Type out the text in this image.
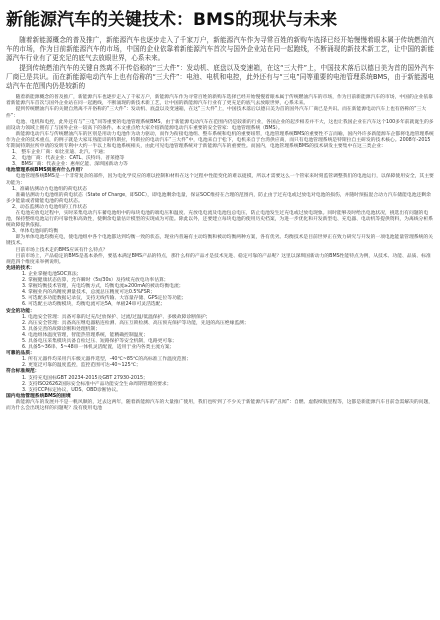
新能源汽车的关键技术：BMS的现状与未来

随着新能源概念的普及推广，新能源汽车也逐步走入了千家万户，新能源汽车作为寻常百姓的新购车选择已经开始慢慢着眼本属于传统燃油汽车的市场，作为目前新能源汽车的市场，中国的企业依靠着新能源汽车首次与国外企业站在同一起跑线，不断涌现的新技术新工艺，让中国的新能源汽车行业有了更充足的底气去放眼世界，心系未来。

提到传统燃油汽车的关键自然离不开传俗称的“三大件”：发动机、底盘以及变速箱，在这“三大件”上，中国技术落后以德日美为首的国外汽车厂商已是共识。而在新能源电动汽车上也有俗称的“三大件”：电池、电机和电控，此外还有与“三电”同等重要的电池管理系统BMS，由于新能源电动汽车在范围内仍是较新的

随着新能源概念的普及推广，新能源汽车也逐步走入了千家万户，新能源汽车作为寻常百姓的新购车选择已经开始慢慢着眼本属于传统燃油汽车的市场，作为目前新能源汽车的市场，中国的企业依靠着新能源汽车首次与国外企业站在同一起跑线，不断涌现的新技术新工艺，让中国的新能源汽车行业有了更充足的底气去放眼世界，心系未来。

提到传统燃油汽车的关键自然离不开俗称的“三大件”：发动机、底盘以及变速箱，在这“三大件”上，中国技术落后以德日美为首的国外汽车厂商已是共识。而在新能源电动汽车上也有俗称的“三大件”：

电池、电机和电控，此外还有与“三电”同等重要的电池管理系统BMS，由于新能源电动汽车在范围内仍是较新的行业，各国企业的起步相差并不大，这也让我国企业在汽车这个100多年前就诞生的多面设动力领域上拥有了与国外企业一较高下的条件。本文重点给大家介绍新能源电动汽车重要的安全管家：电池管理系统（BMS）。

新能源电动汽车与传统燃油汽车的区别是用动力电池作为动力驱动，而作为衔接电池组、整车系统和电机的重要纽带，电池管理系统BMS的重要性不言而喻，国内外许多新能源车企都将电池管理系统作为企业的技术重点，的例子就是大家耳熟能详的特斯拉，特斯拉的电动汽车“三大件”中，电池来自于松下，电机来自于台湾供应商，而只有电池管理系统是特斯拉自主研发的技术核心。2008年-2015年期间特斯拉所申请的发明专利中大约一半以上和电池系统相关，由此可见电池管理系统对于新能源汽车的重要性。而国内，电池管理系统BMS的技术研发主要集中在这三类企业：

1、 整车企业厂商：如比亚迪、北汽、宇通；

2、 电池厂商：代表企业：CATL、沃特玛、普莱德等

3、 BMS厂商：代表企业：惠州亿能、深圳国新动力等

电池管理系统BMS到底有什么作用？

电池管理系统BMS是一个非常复杂的部件，因为电化学反应的难以控制和材料在这个过程中性能变化的难以捉摸，所以才需要这么一个管家来时刻监管调整我们的电池运行，以保障使用安全，其主要功能为：

1、准确估测动力电池组的荷电状态

准确估测动力电池组的荷电状态（State of Charge，即SOC），即电池剩余电量，保证SOC维持在合理的范围内，防止由于过充电或过放电对电池的损伤，并随时预报混合动力汽车储能电池还剩余多少能量或者储能电池的荷电状态。

2、动态监测动力电池组的工作状态

在电池充放电过程中，实时采集电动汽车蓄电池组中的每块电池的端电压和温度、充放电电流及电池包总电压，防止电池发生过充电或过放电现象。同时能够及时给出电池状况，挑选出有问题的电池，保持整组电池运行的可靠性和高效性，使剩余电量估计模型的实现成为可能。除此以外，还要建立每块电池的使用历史档案，为进一步优化和开发新型电、充电器、电动机等提供资料，为离线分析系统故障提供依据。

3、单体电池间的均衡

即为单体电池均衡充电，使电池组中各个电池都达到均衡一致的状态，现业内普遍有主动均衡和被动均衡两种方案，各有优劣。均衡技术是目前世界正在致力研究与开发的一项电池能量管理系统的关键技术。

目前市场上技术走的BMS应该有什么特点？

目前市场上，产品稳定的BMS是基本条件，要基本满足BMS产品的特点，那什么样的产品才是技术先进、稳定可靠的产品呢？这里以深圳国新动力的BMS性能特点为例，从技术、功能、品质、标准规范四个维度来举例说明。

先进的技术：

1. 企业掌握电池SOC算法；

2. 掌握健康状态估算，允许瞬时（5s/30s）及持续充放电功率估算；

3. 掌握均衡技术管理，充电均衡方式，均衡电流≥200mA的被动均衡电流；

4. 掌握业内的高精度测量技术，总流总压精度可达0.5%FSR；

5. 可选配多功能数据记录仪，支持无线传输、大容量存储、GPS定位等功能；

6. 可选配主动均衡模块，均衡电流可达5A，单板24串可灵活选配；

安全的功能：

1. 电池安全管理：具备可靠的过充/过放保护、过流/过温/低温保护、多级故障诊断保护；

2. 高压安全管理：具备高压继电器粘连检测、高压互锁检测、高压预充保护等功能，先进的高压绝缘监测；

3. 具备完善的故障诊断和处理机制；

4. 电池组体温度管理，智能热管理系统，能精确控制温度；

5. 具备电压采集模块具备自检过压、短路保护等安全机制，电路更可靠；

6. 具备5~36串、5~48串一体机灵活配置，适用于业内各类主流方案；

可靠的品质：

1. 所有元器件均采用汽车级元器件选型，-40℃~85℃的高标准工作温度范围；

2. 更宽泛可靠的温度监控，监控范围可达-40~125℃；

符合标准规范：

1. 支持充电国标GBT 20234-2015及GBT 27930-2015；

2. 支持ISO26262国际安全标准中产品功能安全生命周期管理的要求；

3. 支持CCP标定协议、UDS、OBD诊断协议。

国内电池管理系统BMS的困境

新能源汽车的发展并不是一帆风顺的，过去这两年，随着新能源汽车的大量推广使用，我们也听到了不少关于新能源汽车的“丑闻”：自燃、虚假续航里程等，这都是新能源汽车目前急需解决的问题，而为什么会出现这样的问题呢？没有使用电池
